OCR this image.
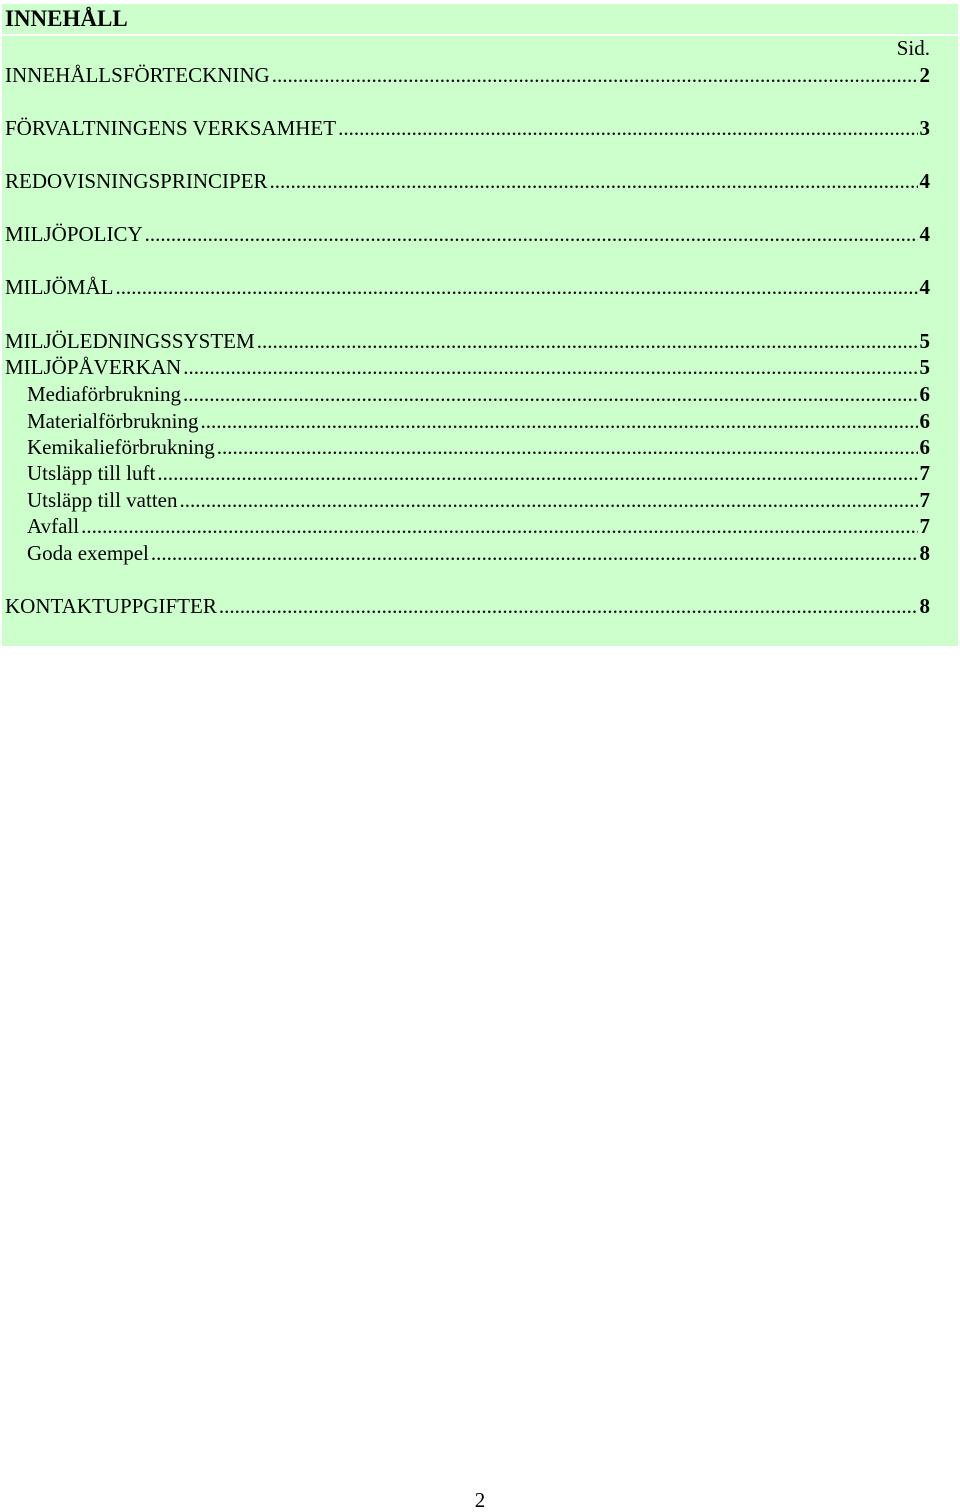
INNEHÅLL
Sid.
INNEHÅLLSFÖRTECKNING .....	2
FÖRVALTNINGENS VERKSAMHET .....	3
REDOVISNINGSPRINCIPER .....	4
MILJÖPOLICY .....	4
MILJÖMÅL .....	4
MILJÖLEDNINGSSYSTEM .....	5
MILJÖPÅVERKAN .....	5
Mediaförbrukning .....	6
Materialförbrukning .....	6
Kemikalieförbrukning .....	6
Utsläpp till luft .....	7
Utsläpp till vatten .....	7
Avfall .....	7
Goda exempel .....	8
KONTAKTUPPGIFTER .....	8
2
